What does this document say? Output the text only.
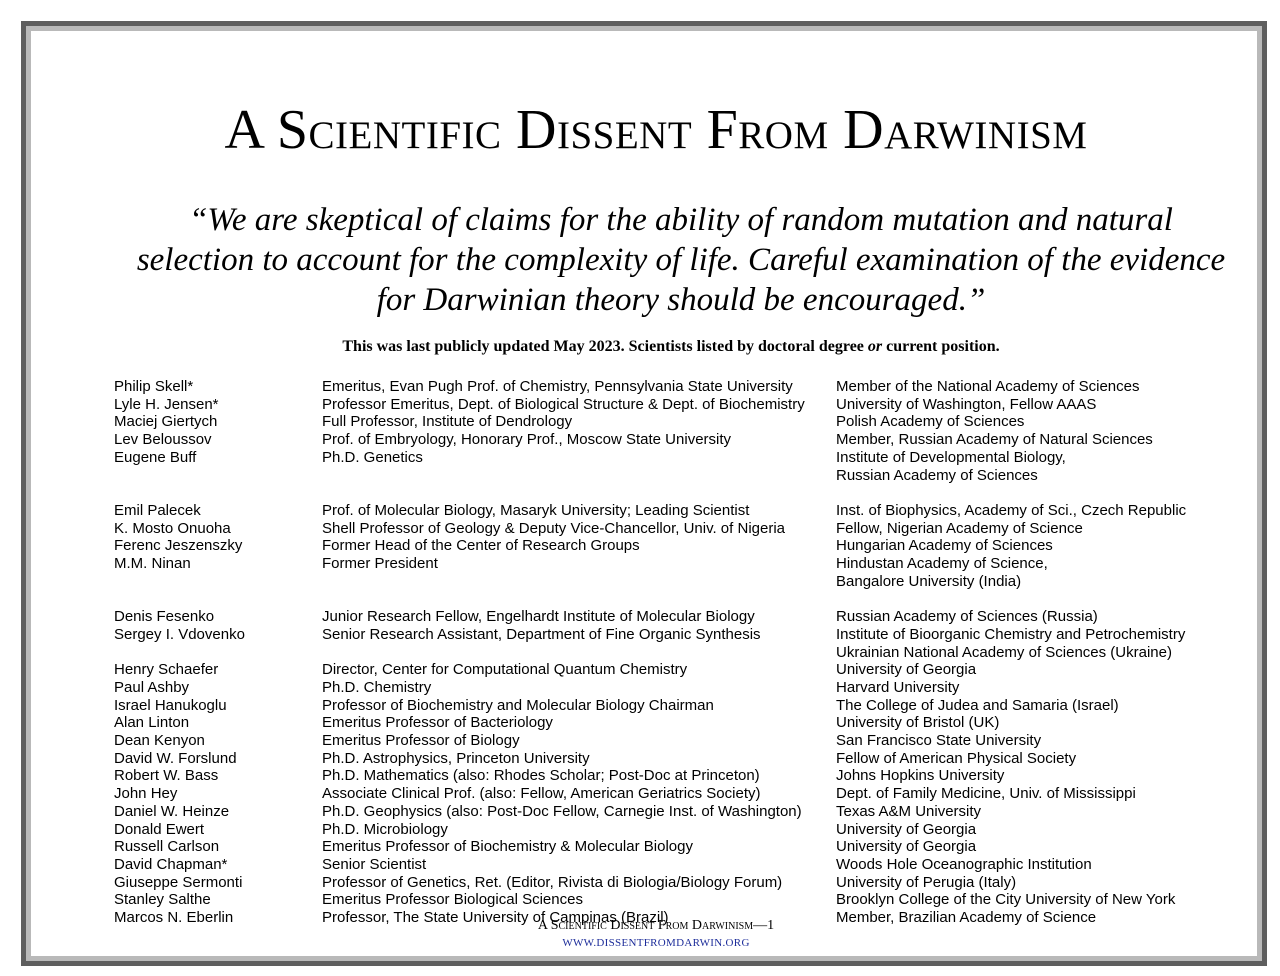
A Scientific Dissent From Darwinism

“We are skeptical of claims for the ability of random mutation and natural selection to account for the complexity of life. Careful examination of the evidence for Darwinian theory should be encouraged.”

This was last publicly updated May 2023. Scientists listed by doctoral degree or current position.
Philip Skell*	Emeritus, Evan Pugh Prof. of Chemistry, Pennsylvania State University	Member of the National Academy of Sciences
Lyle H. Jensen*	Professor Emeritus, Dept. of Biological Structure & Dept. of Biochemistry	University of Washington, Fellow AAAS
Maciej Giertych	Full Professor, Institute of Dendrology	Polish Academy of Sciences
Lev Beloussov	Prof. of Embryology, Honorary Prof., Moscow State University	Member, Russian Academy of Natural Sciences
Eugene Buff	Ph.D. Genetics	Institute of Developmental Biology,
Russian Academy of Sciences
Emil Palecek	Prof. of Molecular Biology, Masaryk University; Leading Scientist	Inst. of Biophysics, Academy of Sci., Czech Republic
K. Mosto Onuoha	Shell Professor of Geology & Deputy Vice-Chancellor, Univ. of Nigeria	Fellow, Nigerian Academy of Science
Ferenc Jeszenszky	Former Head of the Center of Research Groups	Hungarian Academy of Sciences
M.M. Ninan	Former President	Hindustan Academy of Science,
Bangalore University (India)
Denis Fesenko	Junior Research Fellow, Engelhardt Institute of Molecular Biology	Russian Academy of Sciences (Russia)
Sergey I. Vdovenko	Senior Research Assistant, Department of Fine Organic Synthesis	Institute of Bioorganic Chemistry and Petrochemistry
Ukrainian National Academy of Sciences (Ukraine)
Henry Schaefer	Director, Center for Computational Quantum Chemistry	University of Georgia
Paul Ashby	Ph.D. Chemistry	Harvard University
Israel Hanukoglu	Professor of Biochemistry and Molecular Biology Chairman	The College of Judea and Samaria (Israel)
Alan Linton	Emeritus Professor of Bacteriology	University of Bristol (UK)
Dean Kenyon	Emeritus Professor of Biology	San Francisco State University
David W. Forslund	Ph.D. Astrophysics, Princeton University	Fellow of American Physical Society
Robert W. Bass	Ph.D. Mathematics (also: Rhodes Scholar; Post-Doc at Princeton)	Johns Hopkins University
John Hey	Associate Clinical Prof. (also: Fellow, American Geriatrics Society)	Dept. of Family Medicine, Univ. of Mississippi
Daniel W. Heinze	Ph.D. Geophysics (also: Post-Doc Fellow, Carnegie Inst. of Washington)	Texas A&M University
Donald Ewert	Ph.D. Microbiology	University of Georgia
Russell Carlson	Emeritus Professor of Biochemistry & Molecular Biology	University of Georgia
David Chapman*	Senior Scientist	Woods Hole Oceanographic Institution
Giuseppe Sermonti	Professor of Genetics, Ret. (Editor, Rivista di Biologia/Biology Forum)	University of Perugia (Italy)
Stanley Salthe	Emeritus Professor Biological Sciences	Brooklyn College of the City University of New York
Marcos N. Eberlin	Professor, The State University of Campinas (Brazil)	Member, Brazilian Academy of Science
A Scientific Dissent From Darwinism—1
WWW.DISSENTFROMDARWIN.ORG
